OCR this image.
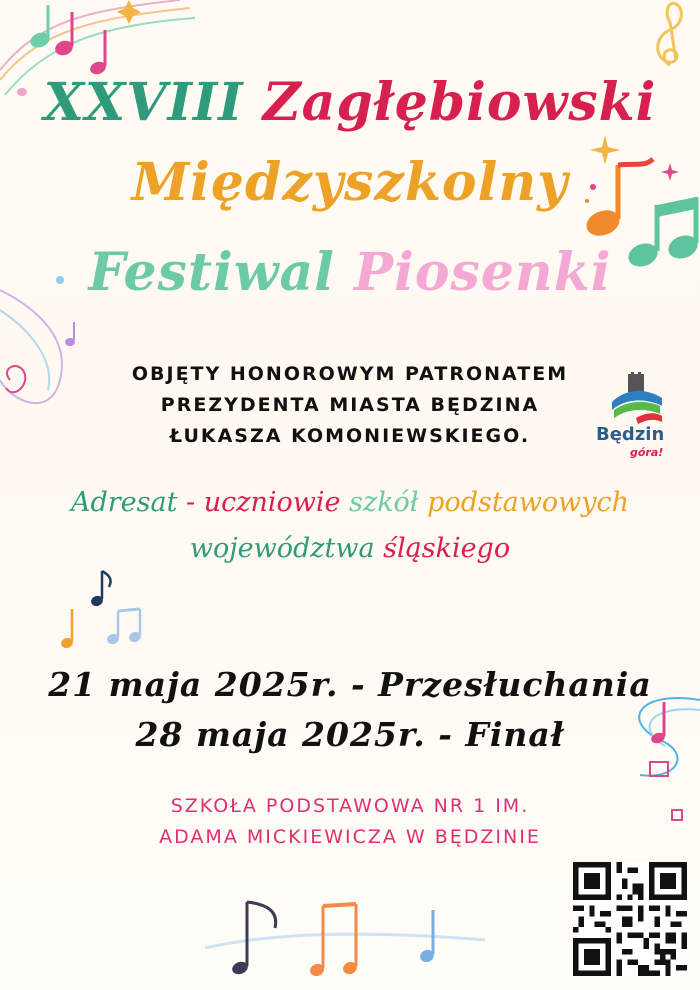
XXVIII Zagłębiowski
Międzyszkolny
Festiwal Piosenki
OBJĘTY HONOROWYM PATRONATEM
PREZYDENTA MIASTA BĘDZINA
ŁUKASZA KOMONIEWSKIEGO.	Będzin
góra!
Adresat - uczniowie szkół podstawowych
województwa śląskiego
21 maja 2025r. - Przesłuchania
28 maja 2025r. - Finał
SZKOŁA PODSTAWOWA NR 1 IM.
ADAMA MICKIEWICZA W BĘDZINIE
